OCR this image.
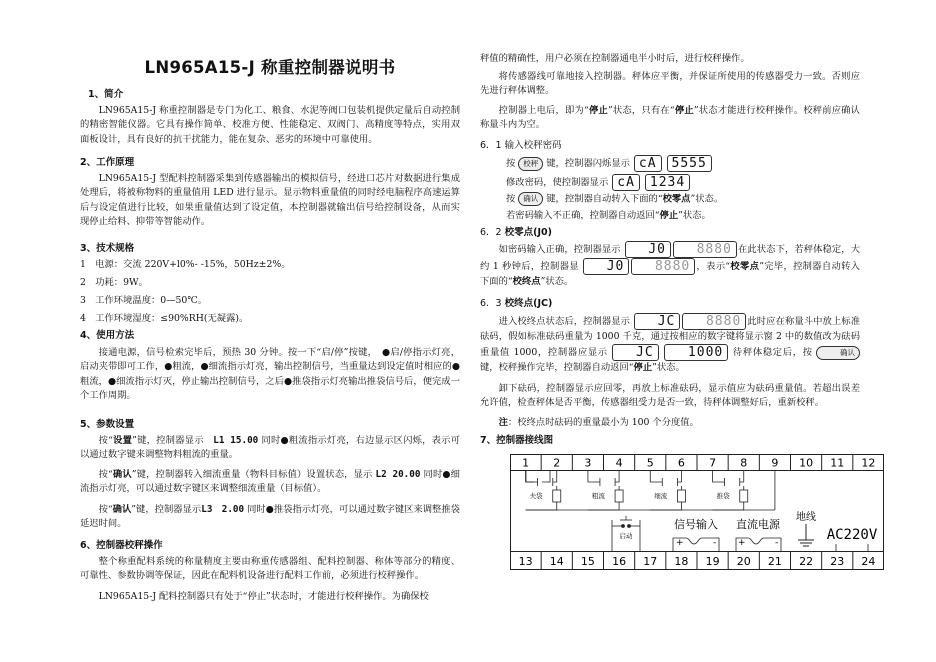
LN965A15-J 称重控制器说明书
1、简介

LN965A15-J 称重控制器是专门为化工、粮食、水泥等阀口包装机提供定量后自动控制的精密智能仪器。它具有操作简单、校准方便、性能稳定、双阀门、高精度等特点，实用双面板设计，具有良好的抗干扰能力，能在复杂、恶劣的环境中可靠使用。

2、工作原理

LN965A15-J 型配料控制器采集到传感器输出的模拟信号，经进口芯片对数据进行集成处理后，将被称物料的重量值用 LED 进行显示。显示物料重量值的同时经电脑程序高速运算后与设定值进行比较，如果重量值达到了设定值，本控制器就输出信号给控制设备，从而实现停止给料、抑带等智能动作。

3、技术规格

1　电源：交流 220V+l0%- -15%，50Hz±2%。

2　功耗：9W。

3　工作环境温度：0—50℃。

4　工作环境湿度：≤90%RH(无凝露)。

4、使用方法

接通电源，信号检索完毕后，预热 30 分钟。按一下“启/停”按键，　●启/停指示灯亮，启动夹带即可工作，●粗流，●细流指示灯亮，输出控制信号，当重量达到设定值时相应的●粗流，●细流指示灯灭，停止输出控制信号，之后●推袋指示灯亮输出推袋信号后，便完成一个工作周期。

5、参数设置

按“设置”键，控制器显示　L1 15.00 同时●粗流指示灯亮，右边显示区闪烁，表示可以通过数字键来调整物料粗流的重量。

按“确认”键，控制器转入细流重量（物料目标值）设置状态，显示 L2 20.00 同时●细流指示灯亮，可以通过数字键区来调整细流重量（目标值）。

按“确认”键，控制器显示L3　2.00 同时●推袋指示灯亮，可以通过数字键区来调整推袋延迟时间。

6、控制器校秤操作

整个称重配料系统的称量精度主要由称重传感器组、配料控制器、称体等部分的精度、可靠性、参数协调等保证，因此在配料机设备进行配料工作前，必须进行校秤操作。

LN965A15-J 配料控制器只有处于“停止”状态时，才能进行校秤操作。为确保校

秤值的精确性，用户必须在控制器通电半小时后，进行校秤操作。

将传感器线可靠地接入控制器。秤体应平衡，并保证所使用的传感器受力一致。否则应先进行秤体调整。

控制器上电后，即为“停止”状态，只有在“停止”状态才能进行校秤操作。校秤前应确认称量斗内为空。

6．1 输入校秤密码

按 校秤 键，控制器闪烁显示 cA 5555

修改密码，使控制器显示 cA 1234

按 确认 键，控制器自动转入下面的“校零点”状态。

若密码输入不正确，控制器自动返回“停止”状态。

6．2 校零点(J0)

如密码输入正确，控制器显示 J0 8880 在此状态下，若秤体稳定，大约 1 秒钟后，控制器显 J0 8880 ，表示“校零点”完毕，控制器自动转入下面的“校终点”状态。

6．3 校终点(JC)

进入校终点状态后，控制器显示 JC 8880 此时应在称量斗中放上标准砝码，假如标准砝码重量为 1000 千克，通过按相应的数字键将显示窗 2 中的数值改为砝码重量值 1000，控制器应显示 JC	1000 待秤体稳定后，按	确认键，校秤操作完毕，控制器自动返回“停止”状态。

卸下砝码，控制器显示应回零，再放上标准砝码，显示值应为砝码重量值。若超出误差允许值，检查秤体是否平衡，传感器组受力是否一致，待秤体调整好后，重新校秤。

注：校终点时砝码的重量最小为 100 个分度值。

7、控制器接线图
1 2 3 4 5 6 7 8 9 10 11 12
13 14 15 16 17 18 19 20 21 22 23 24
夫袋	粗流	细流	推袋
启动
信号输入
+	-
直流电源
+	-
地线
AC220V
